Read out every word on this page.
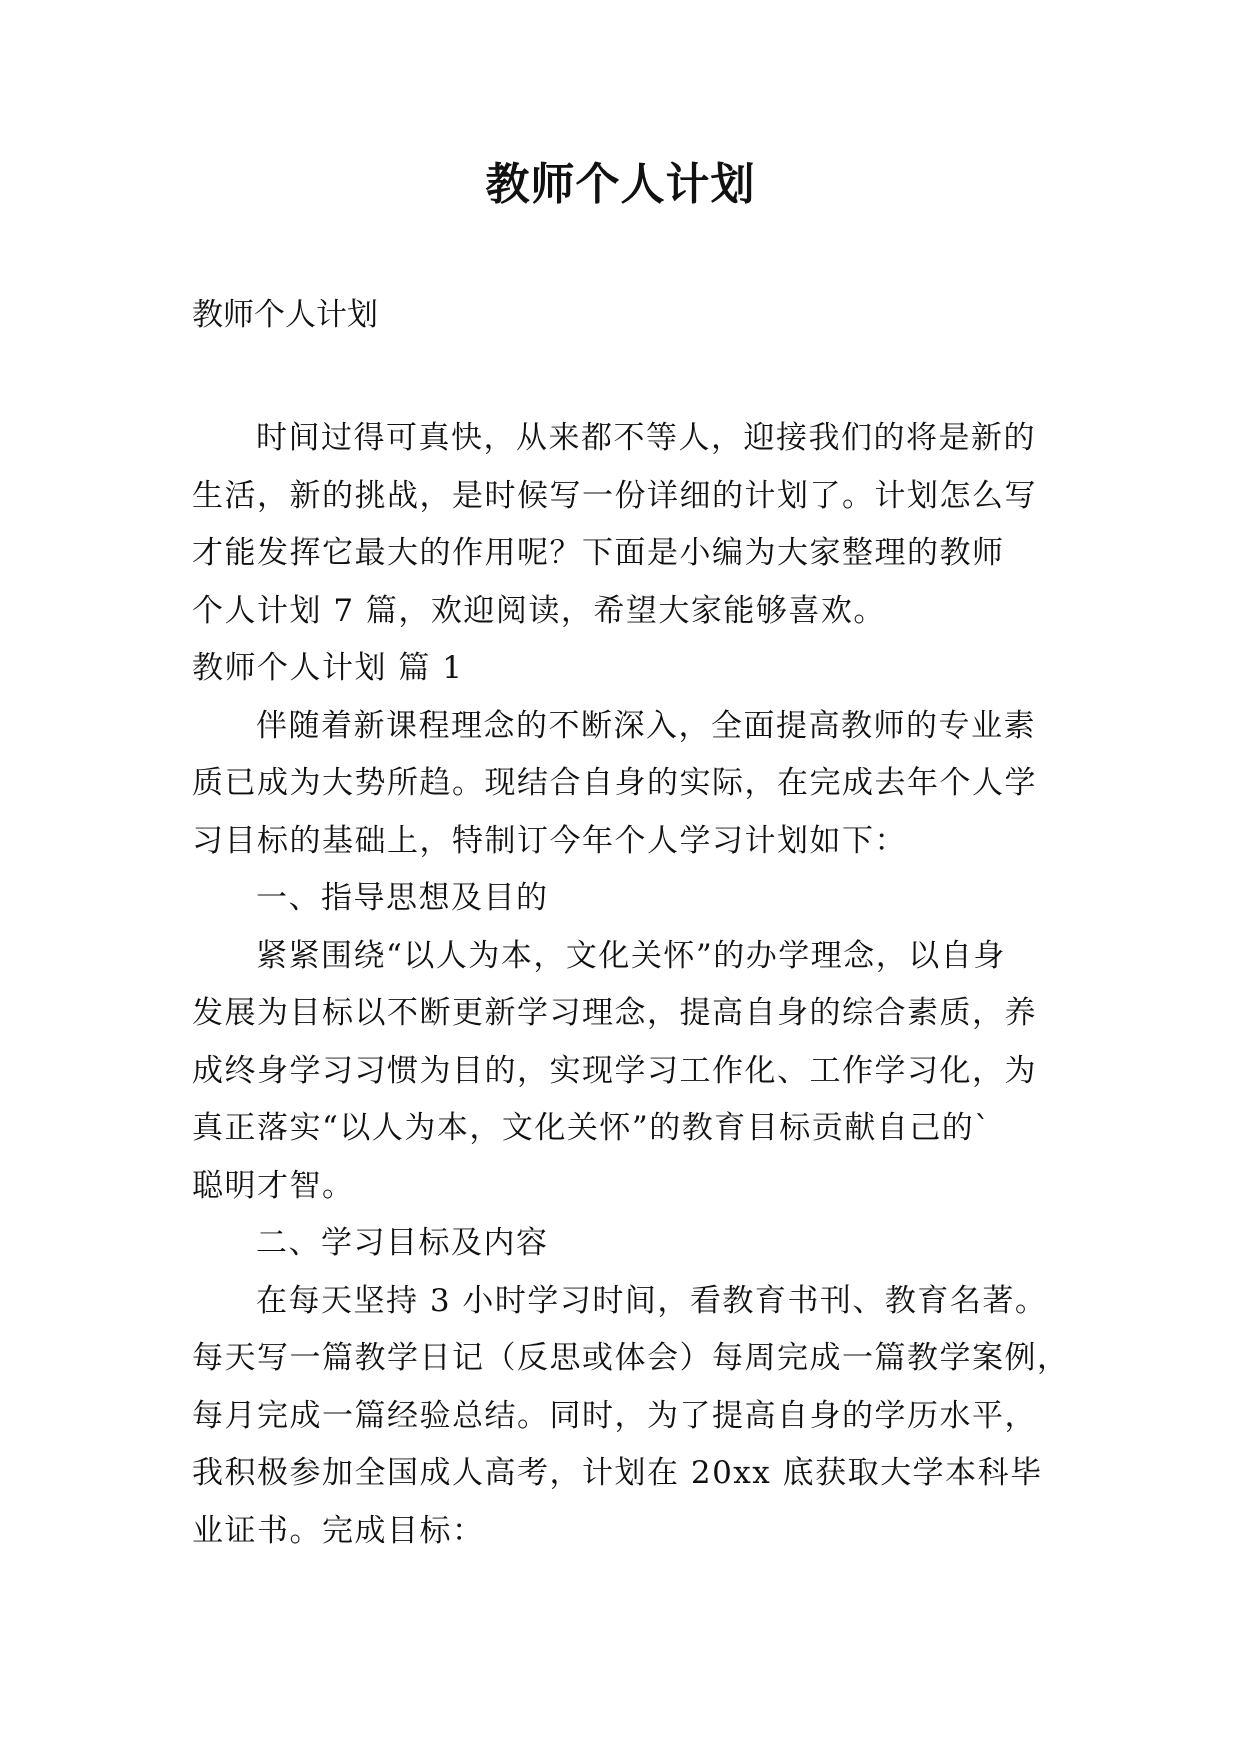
教师个人计划
教师个人计划

时间过得可真快，从来都不等人，迎接我们的将是新的

生活，新的挑战，是时候写一份详细的计划了。计划怎么写

才能发挥它最大的作用呢？下面是小编为大家整理的教师

个人计划 7 篇，欢迎阅读，希望大家能够喜欢。

教师个人计划 篇 1

伴随着新课程理念的不断深入，全面提高教师的专业素

质已成为大势所趋。现结合自身的实际，在完成去年个人学

习目标的基础上，特制订今年个人学习计划如下：

一、指导思想及目的

紧紧围绕“以人为本，文化关怀”的办学理念，以自身

发展为目标以不断更新学习理念，提高自身的综合素质，养

成终身学习习惯为目的，实现学习工作化、工作学习化，为

真正落实“以人为本，文化关怀”的教育目标贡献自己的`

聪明才智。

二、学习目标及内容

在每天坚持 3 小时学习时间，看教育书刊、教育名著。

每天写一篇教学日记（反思或体会）每周完成一篇教学案例，

每月完成一篇经验总结。同时，为了提高自身的学历水平，

我积极参加全国成人高考，计划在 20xx 底获取大学本科毕

业证书。完成目标：
